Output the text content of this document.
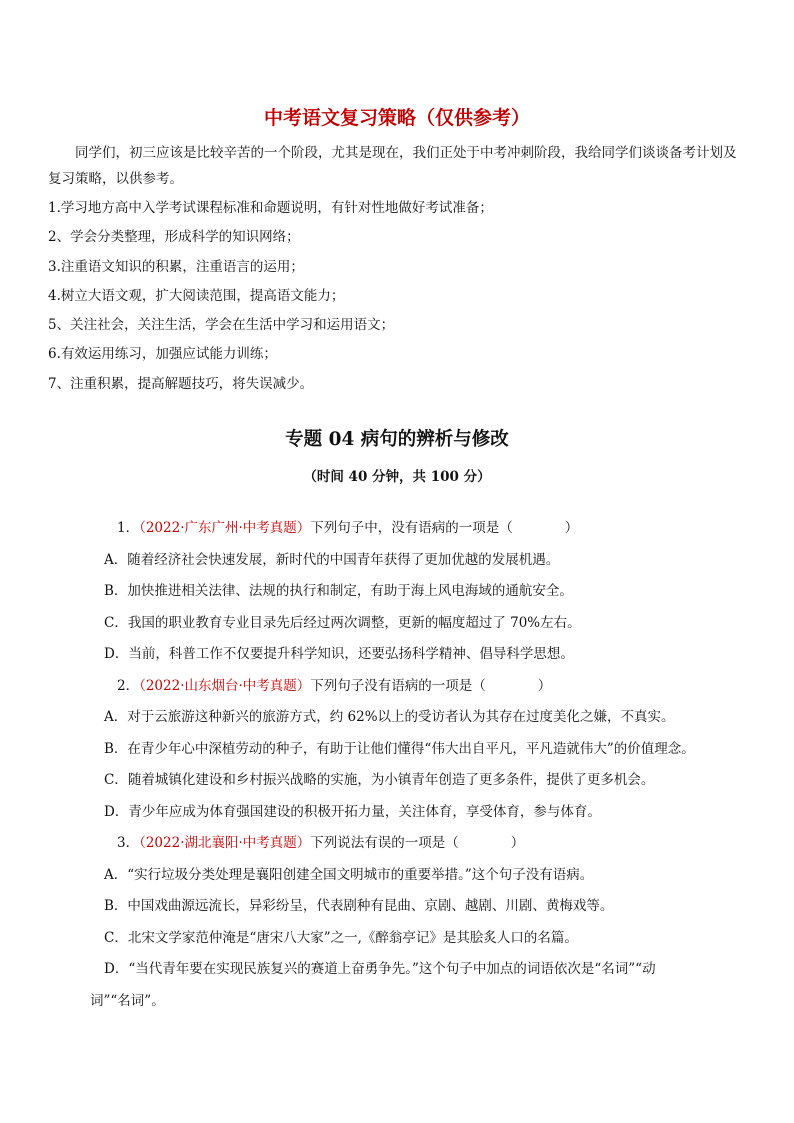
中考语文复习策略（仅供参考）
同学们，初三应该是比较辛苦的一个阶段，尤其是现在，我们正处于中考冲刺阶段，我给同学们谈谈备考计划及复习策略，以供参考。
1.学习地方高中入学考试课程标准和命题说明，有针对性地做好考试准备；
2、学会分类整理，形成科学的知识网络；
3.注重语文知识的积累，注重语言的运用；
4.树立大语文观，扩大阅读范围，提高语文能力；
5、关注社会，关注生活，学会在生活中学习和运用语文；
6.有效运用练习，加强应试能力训练；
7、注重积累，提高解题技巧，将失误减少。
专题 04 病句的辨析与修改
（时间 40 分钟，共 100 分）
1．（2022·广东广州·中考真题）下列句子中，没有语病的一项是（	）
A．随着经济社会快速发展，新时代的中国青年获得了更加优越的发展机遇。
B．加快推进相关法律、法规的执行和制定，有助于海上风电海域的通航安全。
C．我国的职业教育专业目录先后经过两次调整，更新的幅度超过了 70%左右。
D．当前，科普工作不仅要提升科学知识，还要弘扬科学精神、倡导科学思想。
2．（2022·山东烟台·中考真题）下列句子没有语病的一项是（	）
A．对于云旅游这种新兴的旅游方式，约 62%以上的受访者认为其存在过度美化之嫌，不真实。
B．在青少年心中深植劳动的种子，有助于让他们懂得“伟大出自平凡，平凡造就伟大”的价值理念。
C．随着城镇化建设和乡村振兴战略的实施，为小镇青年创造了更多条件，提供了更多机会。
D．青少年应成为体育强国建设的积极开拓力量，关注体育，享受体育，参与体育。
3．（2022·湖北襄阳·中考真题）下列说法有误的一项是（	）
A．“实行垃圾分类处理是襄阳创建全国文明城市的重要举措。”这个句子没有语病。
B．中国戏曲源远流长，异彩纷呈，代表剧种有昆曲、京剧、越剧、川剧、黄梅戏等。
C．北宋文学家范仲淹是“唐宋八大家”之一,《醉翁亭记》是其脍炙人口的名篇。
D．“当代青年要在实现民族复兴的赛道上奋勇争先。”这个句子中加点的词语依次是“名词”“动
词”“名词”。
